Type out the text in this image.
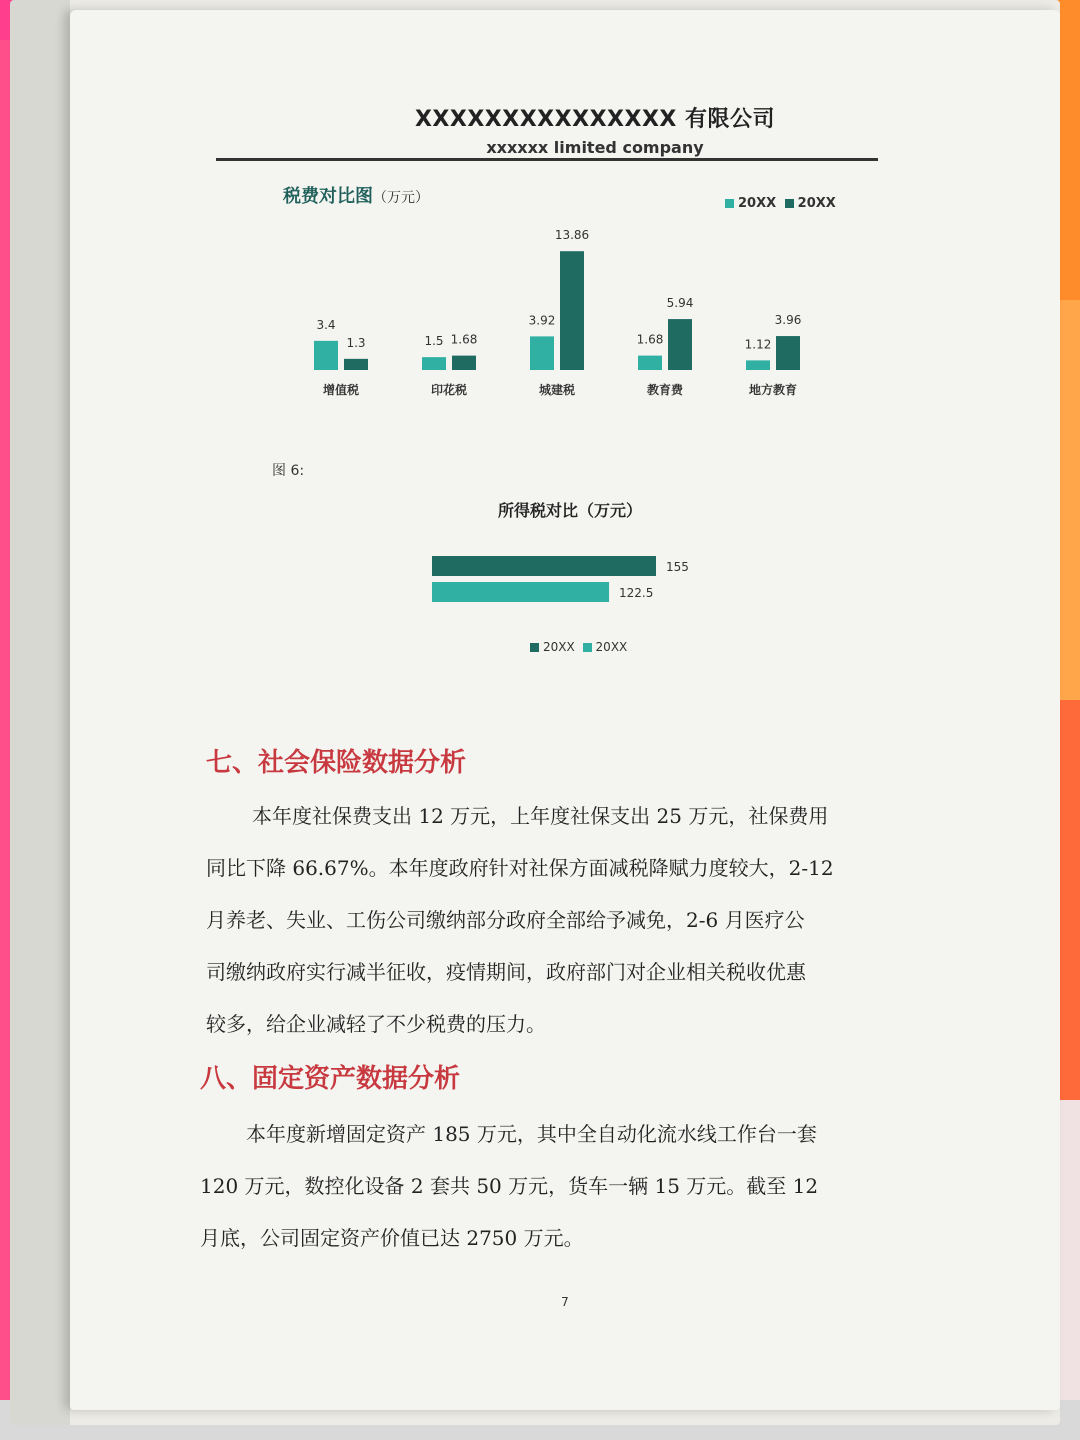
XXXXXXXXXXXXXXX 有限公司
xxxxxx limited company
税费对比图（万元）	20XX 20XX
3.4
1.3
增值税
1.5 1.68
印花税
3.92
13.86
城建税
1.68
5.94
教育费
1.12
3.96
地方教育
图 6:
所得税对比（万元）
155
122.5
20XX 20XX
七、社会保险数据分析
本年度社保费支出 12 万元，上年度社保支出 25 万元，社保费用
同比下降 66.67%。本年度政府针对社保方面减税降赋力度较大，2-12
月养老、失业、工伤公司缴纳部分政府全部给予减免，2-6 月医疗公
司缴纳政府实行减半征收，疫情期间，政府部门对企业相关税收优惠
较多，给企业减轻了不少税费的压力。
八、固定资产数据分析
本年度新增固定资产 185 万元，其中全自动化流水线工作台一套
120 万元，数控化设备 2 套共 50 万元，货车一辆 15 万元。截至 12
月底，公司固定资产价值已达 2750 万元。
7
